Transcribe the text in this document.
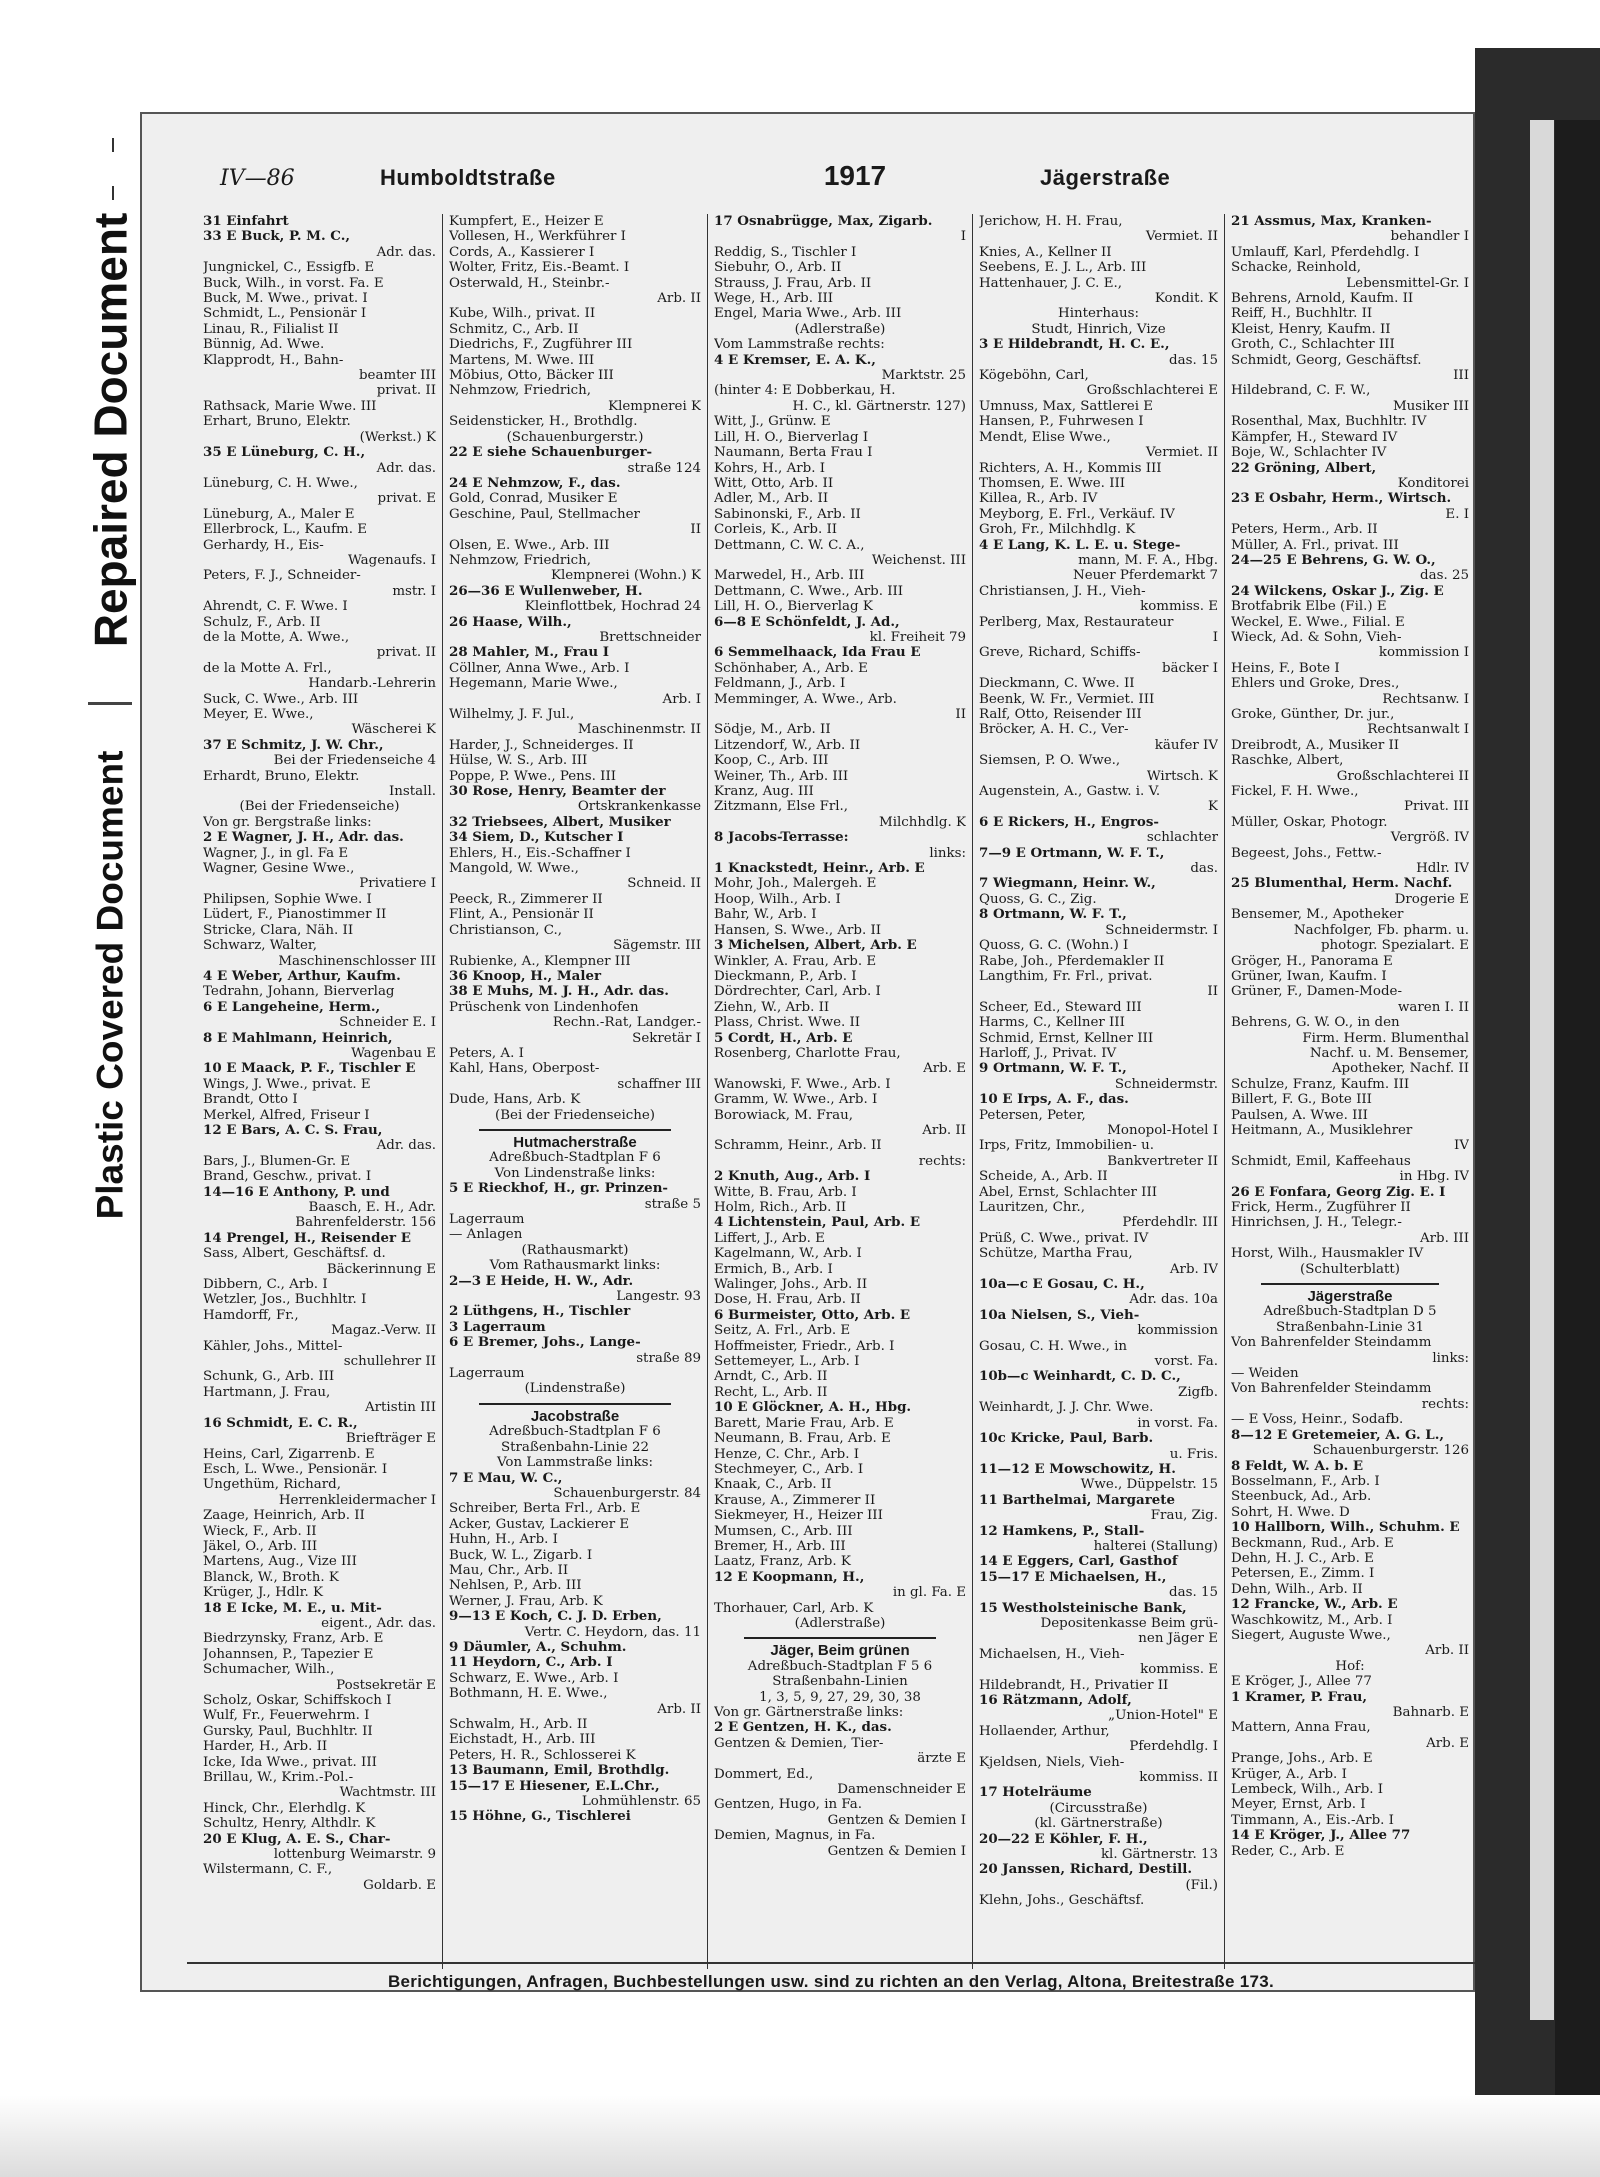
Repaired Document
Plastic Covered Document
IV—86	Humboldtstraße	1917	Jägerstraße
31 Einfahrt
33 E Buck, P. M. C.,
Adr. das.
Jungnickel, C., Essigfb. E
Buck, Wilh., in vorst. Fa. E
Buck, M. Wwe., privat. I
Schmidt, L., Pensionär I
Linau, R., Filialist II
Bünnig, Ad. Wwe.
Klapprodt, H., Bahn-
beamter III
privat. II
Rathsack, Marie Wwe. III
Erhart, Bruno, Elektr.
(Werkst.) K
35 E Lüneburg, C. H.,
Adr. das.
Lüneburg, C. H. Wwe.,
privat. E
Lüneburg, A., Maler E
Ellerbrock, L., Kaufm. E
Gerhardy, H., Eis-
Wagenaufs. I
Peters, F. J., Schneider-
mstr. I
Ahrendt, C. F. Wwe. I
Schulz, F., Arb. II
de la Motte, A. Wwe.,
privat. II
de la Motte A. Frl.,
Handarb.-Lehrerin
Suck, C. Wwe., Arb. III
Meyer, E. Wwe.,
Wäscherei K
37 E Schmitz, J. W. Chr.,
Bei der Friedenseiche 4
Erhardt, Bruno, Elektr.
Install.
(Bei der Friedenseiche)
Von gr. Bergstraße links:
2 E Wagner, J. H., Adr. das.
Wagner, J., in gl. Fa E
Wagner, Gesine Wwe.,
Privatiere I
Philipsen, Sophie Wwe. I
Lüdert, F., Pianostimmer II
Stricke, Clara, Näh. II
Schwarz, Walter,
Maschinenschlosser III
4 E Weber, Arthur, Kaufm.
Tedrahn, Johann, Bierverlag
6 E Langeheine, Herm.,
Schneider E. I
8 E Mahlmann, Heinrich,
Wagenbau E
10 E Maack, P. F., Tischler E
Wings, J. Wwe., privat. E
Brandt, Otto I
Merkel, Alfred, Friseur I
12 E Bars, A. C. S. Frau,
Adr. das.
Bars, J., Blumen-Gr. E
Brand, Geschw., privat. I
14—16 E Anthony, P. und
Baasch, E. H., Adr.
Bahrenfelderstr. 156
14 Prengel, H., Reisender E
Sass, Albert, Geschäftsf. d.
Bäckerinnung E
Dibbern, C., Arb. I
Wetzler, Jos., Buchhltr. I
Hamdorff, Fr.,
Magaz.-Verw. II
Kähler, Johs., Mittel-
schullehrer II
Schunk, G., Arb. III
Hartmann, J. Frau,
Artistin III
16 Schmidt, E. C. R.,
Briefträger E
Heins, Carl, Zigarrenb. E
Esch, L. Wwe., Pensionär. I
Ungethüm, Richard,
Herrenkleidermacher I
Zaage, Heinrich, Arb. II
Wieck, F., Arb. II
Jäkel, O., Arb. III
Martens, Aug., Vize III
Blanck, W., Broth. K
Krüger, J., Hdlr. K
18 E Icke, M. E., u. Mit-
eigent., Adr. das.
Biedrzynsky, Franz, Arb. E
Johannsen, P., Tapezier E
Schumacher, Wilh.,
Postsekretär E
Scholz, Oskar, Schiffskoch I
Wulf, Fr., Feuerwehrm. I
Gursky, Paul, Buchhltr. II
Harder, H., Arb. II
Icke, Ida Wwe., privat. III
Brillau, W., Krim.-Pol.-
Wachtmstr. III
Hinck, Chr., Elerhdlg. K
Schultz, Henry, Althdlr. K
20 E Klug, A. E. S., Char-
lottenburg Weimarstr. 9
Wilstermann, C. F.,
Goldarb. E
Kumpfert, E., Heizer E
Vollesen, H., Werkführer I
Cords, A., Kassierer I
Wolter, Fritz, Eis.-Beamt. I
Osterwald, H., Steinbr.-
Arb. II
Kube, Wilh., privat. II
Schmitz, C., Arb. II
Diedrichs, F., Zugführer III
Martens, M. Wwe. III
Möbius, Otto, Bäcker III
Nehmzow, Friedrich,
Klempnerei K
Seidensticker, H., Brothdlg.
(Schauenburgerstr.)
22 E siehe Schauenburger-
straße 124
24 E Nehmzow, F., das.
Gold, Conrad, Musiker E
Geschine, Paul, Stellmacher
II
Olsen, E. Wwe., Arb. III
Nehmzow, Friedrich,
Klempnerei (Wohn.) K
26—36 E Wullenweber, H.
Kleinflottbek, Hochrad 24
26 Haase, Wilh.,
Brettschneider
28 Mahler, M., Frau I
Cöllner, Anna Wwe., Arb. I
Hegemann, Marie Wwe.,
Arb. I
Wilhelmy, J. F. Jul.,
Maschinenmstr. II
Harder, J., Schneiderges. II
Hülse, W. S., Arb. III
Poppe, P. Wwe., Pens. III
30 Rose, Henry, Beamter der
Ortskrankenkasse
32 Triebsees, Albert, Musiker
34 Siem, D., Kutscher I
Ehlers, H., Eis.-Schaffner I
Mangold, W. Wwe.,
Schneid. II
Peeck, R., Zimmerer II
Flint, A., Pensionär II
Christianson, C.,
Sägemstr. III
Rubienke, A., Klempner III
36 Knoop, H., Maler
38 E Muhs, M. J. H., Adr. das.
Prüschenk von Lindenhofen
Rechn.-Rat, Landger.-
Sekretär I
Peters, A. I
Kahl, Hans, Oberpost-
schaffner III
Dude, Hans, Arb. K
(Bei der Friedenseiche)
Hutmacherstraße
Adreßbuch-Stadtplan F 6
Von Lindenstraße links:
5 E Rieckhof, H., gr. Prinzen-
straße 5
Lagerraum
— Anlagen
(Rathausmarkt)
Vom Rathausmarkt links:
2—3 E Heide, H. W., Adr.
Langestr. 93
2 Lüthgens, H., Tischler
3 Lagerraum
6 E Bremer, Johs., Lange-
straße 89
Lagerraum
(Lindenstraße)
Jacobstraße
Adreßbuch-Stadtplan F 6
Straßenbahn-Linie 22
Von Lammstraße links:
7 E Mau, W. C.,
Schauenburgerstr. 84
Schreiber, Berta Frl., Arb. E
Acker, Gustav, Lackierer E
Huhn, H., Arb. I
Buck, W. L., Zigarb. I
Mau, Chr., Arb. II
Nehlsen, P., Arb. III
Werner, J. Frau, Arb. K
9—13 E Koch, C. J. D. Erben,
Vertr. C. Heydorn, das. 11
9 Däumler, A., Schuhm.
11 Heydorn, C., Arb. I
Schwarz, E. Wwe., Arb. I
Bothmann, H. E. Wwe.,
Arb. II
Schwalm, H., Arb. II
Eichstadt, H., Arb. III
Peters, H. R., Schlosserei K
13 Baumann, Emil, Brothdlg.
15—17 E Hiesener, E.L.Chr.,
Lohmühlenstr. 65
15 Höhne, G., Tischlerei
17 Osnabrügge, Max, Zigarb.
I
Reddig, S., Tischler I
Siebuhr, O., Arb. II
Strauss, J. Frau, Arb. II
Wege, H., Arb. III
Engel, Maria Wwe., Arb. III
(Adlerstraße)
Vom Lammstraße rechts:
4 E Kremser, E. A. K.,
Marktstr. 25
(hinter 4: E Dobberkau, H.
H. C., kl. Gärtnerstr. 127)
Witt, J., Grünw. E
Lill, H. O., Bierverlag I
Naumann, Berta Frau I
Kohrs, H., Arb. I
Witt, Otto, Arb. II
Adler, M., Arb. II
Sabinonski, F., Arb. II
Corleis, K., Arb. II
Dettmann, C. W. C. A.,
Weichenst. III
Marwedel, H., Arb. III
Dettmann, C. Wwe., Arb. III
Lill, H. O., Bierverlag K
6—8 E Schönfeldt, J. Ad.,
kl. Freiheit 79
6 Semmelhaack, Ida Frau E
Schönhaber, A., Arb. E
Feldmann, J., Arb. I
Memminger, A. Wwe., Arb.
II
Södje, M., Arb. II
Litzendorf, W., Arb. II
Koop, C., Arb. III
Weiner, Th., Arb. III
Kranz, Aug. III
Zitzmann, Else Frl.,
Milchhdlg. K
8 Jacobs-Terrasse:
links:
1 Knackstedt, Heinr., Arb. E
Mohr, Joh., Malergeh. E
Hoop, Wilh., Arb. I
Bahr, W., Arb. I
Hansen, S. Wwe., Arb. II
3 Michelsen, Albert, Arb. E
Winkler, A. Frau, Arb. E
Dieckmann, P., Arb. I
Dördrechter, Carl, Arb. I
Ziehn, W., Arb. II
Plass, Christ. Wwe. II
5 Cordt, H., Arb. E
Rosenberg, Charlotte Frau,
Arb. E
Wanowski, F. Wwe., Arb. I
Gramm, W. Wwe., Arb. I
Borowiack, M. Frau,
Arb. II
Schramm, Heinr., Arb. II
rechts:
2 Knuth, Aug., Arb. I
Witte, B. Frau, Arb. I
Holm, Rich., Arb. II
4 Lichtenstein, Paul, Arb. E
Liffert, J., Arb. E
Kagelmann, W., Arb. I
Ermich, B., Arb. I
Walinger, Johs., Arb. II
Dose, H. Frau, Arb. II
6 Burmeister, Otto, Arb. E
Seitz, A. Frl., Arb. E
Hoffmeister, Friedr., Arb. I
Settemeyer, L., Arb. I
Arndt, C., Arb. II
Recht, L., Arb. II
10 E Glöckner, A. H., Hbg.
Barett, Marie Frau, Arb. E
Neumann, B. Frau, Arb. E
Henze, C. Chr., Arb. I
Stechmeyer, C., Arb. I
Knaak, C., Arb. II
Krause, A., Zimmerer II
Siekmeyer, H., Heizer III
Mumsen, C., Arb. III
Bremer, H., Arb. III
Laatz, Franz, Arb. K
12 E Koopmann, H.,
in gl. Fa. E
Thorhauer, Carl, Arb. K
(Adlerstraße)
Jäger, Beim grünen
Adreßbuch-Stadtplan F 5 6
Straßenbahn-Linien
1, 3, 5, 9, 27, 29, 30, 38
Von gr. Gärtnerstraße links:
2 E Gentzen, H. K., das.
Gentzen & Demien, Tier-
ärzte E
Dommert, Ed.,
Damenschneider E
Gentzen, Hugo, in Fa.
Gentzen & Demien I
Demien, Magnus, in Fa.
Gentzen & Demien I
Jerichow, H. H. Frau,
Vermiet. II
Knies, A., Kellner II
Seebens, E. J. L., Arb. III
Hattenhauer, J. C. E.,
Kondit. K
Hinterhaus:
Studt, Hinrich, Vize
3 E Hildebrandt, H. C. E.,
das. 15
Kögeböhn, Carl,
Großschlachterei E
Umnuss, Max, Sattlerei E
Hansen, P., Fuhrwesen I
Mendt, Elise Wwe.,
Vermiet. II
Richters, A. H., Kommis III
Thomsen, E. Wwe. III
Killea, R., Arb. IV
Meyborg, E. Frl., Verkäuf. IV
Groh, Fr., Milchhdlg. K
4 E Lang, K. L. E. u. Stege-
mann, M. F. A., Hbg.
Neuer Pferdemarkt 7
Christiansen, J. H., Vieh-
kommiss. E
Perlberg, Max, Restaurateur
I
Greve, Richard, Schiffs-
bäcker I
Dieckmann, C. Wwe. II
Beenk, W. Fr., Vermiet. III
Ralf, Otto, Reisender III
Bröcker, A. H. C., Ver-
käufer IV
Siemsen, P. O. Wwe.,
Wirtsch. K
Augenstein, A., Gastw. i. V.
K
6 E Rickers, H., Engros-
schlachter
7—9 E Ortmann, W. F. T.,
das.
7 Wiegmann, Heinr. W.,
Quoss, G. C., Zig.
8 Ortmann, W. F. T.,
Schneidermstr. I
Quoss, G. C. (Wohn.) I
Rabe, Joh., Pferdemakler II
Langthim, Fr. Frl., privat.
II
Scheer, Ed., Steward III
Harms, C., Kellner III
Schmid, Ernst, Kellner III
Harloff, J., Privat. IV
9 Ortmann, W. F. T.,
Schneidermstr.
10 E Irps, A. F., das.
Petersen, Peter,
Monopol-Hotel I
Irps, Fritz, Immobilien- u.
Bankvertreter II
Scheide, A., Arb. II
Abel, Ernst, Schlachter III
Lauritzen, Chr.,
Pferdehdlr. III
Prüß, C. Wwe., privat. IV
Schütze, Martha Frau,
Arb. IV
10a—c E Gosau, C. H.,
Adr. das. 10a
10a Nielsen, S., Vieh-
kommission
Gosau, C. H. Wwe., in
vorst. Fa.
10b—c Weinhardt, C. D. C.,
Zigfb.
Weinhardt, J. J. Chr. Wwe.
in vorst. Fa.
10c Kricke, Paul, Barb.
u. Fris.
11—12 E Mowschowitz, H.
Wwe., Düppelstr. 15
11 Barthelmai, Margarete
Frau, Zig.
12 Hamkens, P., Stall-
halterei (Stallung)
14 E Eggers, Carl, Gasthof
15—17 E Michaelsen, H.,
das. 15
15 Westholsteinische Bank,
Depositenkasse Beim grü-
nen Jäger E
Michaelsen, H., Vieh-
kommiss. E
Hildebrandt, H., Privatier II
16 Rätzmann, Adolf,
„Union-Hotel" E
Hollaender, Arthur,
Pferdehdlg. I
Kjeldsen, Niels, Vieh-
kommiss. II
17 Hotelräume
(Circusstraße)
(kl. Gärtnerstraße)
20—22 E Köhler, F. H.,
kl. Gärtnerstr. 13
20 Janssen, Richard, Destill.
(Fil.)
Klehn, Johs., Geschäftsf.
21 Assmus, Max, Kranken-
behandler I
Umlauff, Karl, Pferdehdlg. I
Schacke, Reinhold,
Lebensmittel-Gr. I
Behrens, Arnold, Kaufm. II
Reiff, H., Buchhltr. II
Kleist, Henry, Kaufm. II
Groth, C., Schlachter III
Schmidt, Georg, Geschäftsf.
III
Hildebrand, C. F. W.,
Musiker III
Rosenthal, Max, Buchhltr. IV
Kämpfer, H., Steward IV
Boje, W., Schlachter IV
22 Gröning, Albert,
Konditorei
23 E Osbahr, Herm., Wirtsch.
E. I
Peters, Herm., Arb. II
Müller, A. Frl., privat. III
24—25 E Behrens, G. W. O.,
das. 25
24 Wilckens, Oskar J., Zig. E
Brotfabrik Elbe (Fil.) E
Weckel, E. Wwe., Filial. E
Wieck, Ad. & Sohn, Vieh-
kommission I
Heins, F., Bote I
Ehlers und Groke, Dres.,
Rechtsanw. I
Groke, Günther, Dr. jur.,
Rechtsanwalt I
Dreibrodt, A., Musiker II
Raschke, Albert,
Großschlachterei II
Fickel, F. H. Wwe.,
Privat. III
Müller, Oskar, Photogr.
Vergröß. IV
Begeest, Johs., Fettw.-
Hdlr. IV
25 Blumenthal, Herm. Nachf.
Drogerie E
Bensemer, M., Apotheker
Nachfolger, Fb. pharm. u.
photogr. Spezialart. E
Gröger, H., Panorama E
Grüner, Iwan, Kaufm. I
Grüner, F., Damen-Mode-
waren I. II
Behrens, G. W. O., in den
Firm. Herm. Blumenthal
Nachf. u. M. Bensemer,
Apotheker, Nachf. II
Schulze, Franz, Kaufm. III
Billert, F. G., Bote III
Paulsen, A. Wwe. III
Heitmann, A., Musiklehrer
IV
Schmidt, Emil, Kaffeehaus
in Hbg. IV
26 E Fonfara, Georg Zig. E. I
Frick, Herm., Zugführer II
Hinrichsen, J. H., Telegr.-
Arb. III
Horst, Wilh., Hausmakler IV
(Schulterblatt)
Jägerstraße
Adreßbuch-Stadtplan D 5
Straßenbahn-Linie 31
Von Bahrenfelder Steindamm
links:
— Weiden
Von Bahrenfelder Steindamm
rechts:
— E Voss, Heinr., Sodafb.
8—12 E Gretemeier, A. G. L.,
Schauenburgerstr. 126
8 Feldt, W. A. b. E
Bosselmann, F., Arb. I
Steenbuck, Ad., Arb.
Sohrt, H. Wwe. D
10 Hallborn, Wilh., Schuhm. E
Beckmann, Rud., Arb. E
Dehn, H. J. C., Arb. E
Petersen, E., Zimm. I
Dehn, Wilh., Arb. II
12 Francke, W., Arb. E
Waschkowitz, M., Arb. I
Siegert, Auguste Wwe.,
Arb. II
Hof:
E Kröger, J., Allee 77
1 Kramer, P. Frau,
Bahnarb. E
Mattern, Anna Frau,
Arb. E
Prange, Johs., Arb. E
Krüger, A., Arb. I
Lembeck, Wilh., Arb. I
Meyer, Ernst, Arb. I
Timmann, A., Eis.-Arb. I
14 E Kröger, J., Allee 77
Reder, C., Arb. E
Berichtigungen, Anfragen, Buchbestellungen usw. sind zu richten an den Verlag, Altona, Breitestraße 173.
